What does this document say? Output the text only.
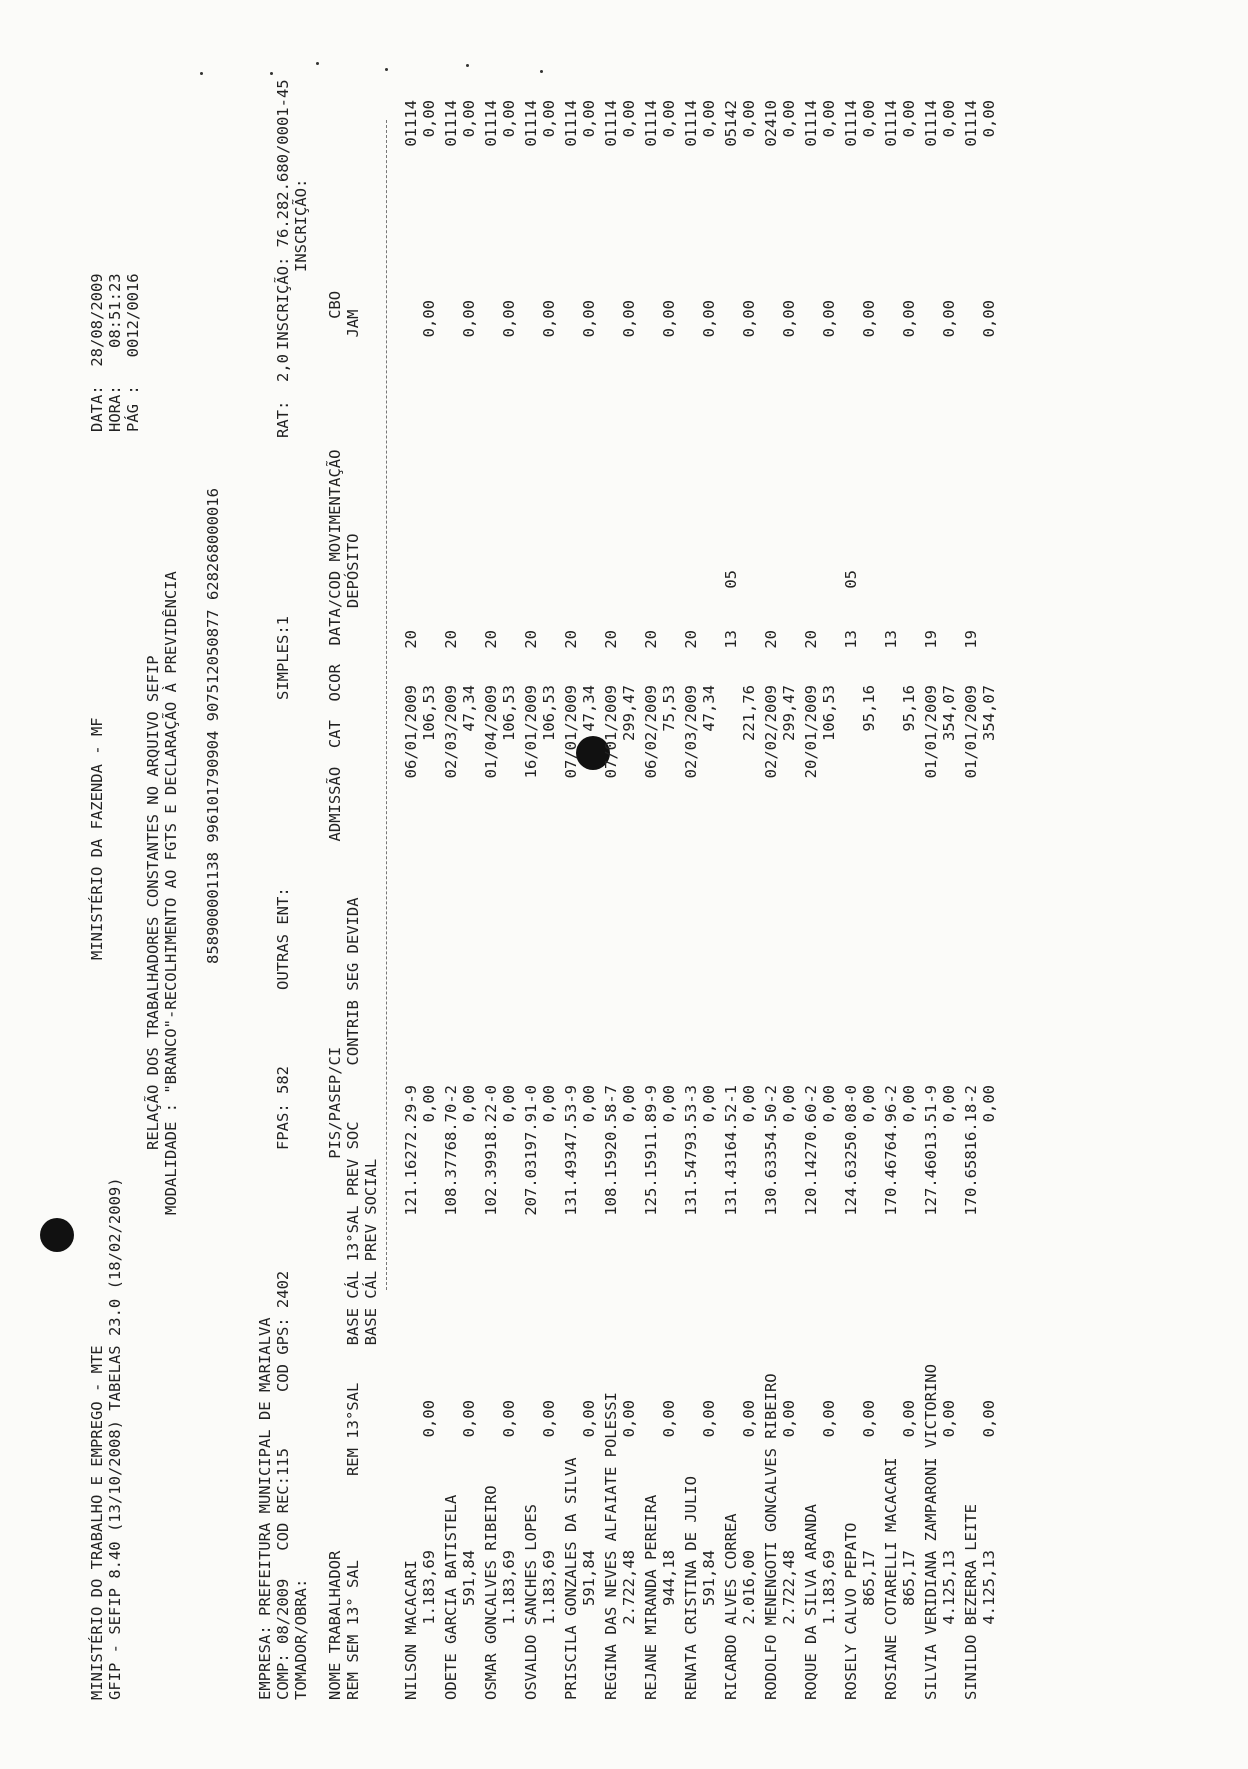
MINISTÉRIO DO TRABALHO E EMPREGO - MTE GFIP - SEFIP 8.40 (13/10/2008) TABELAS 23.0 (18/02/2009)
MINISTÉRIO DA FAZENDA - MF
DATA:  28/08/2009 HORA:    08:51:23 PÁG :   0012/0016
RELAÇÃO DOS TRABALHADORES CONSTANTES NO ARQUIVO SEFIP MODALIDADE : "BRANCO"-RECOLHIMENTO AO FGTS E DECLARAÇÃO À PREVIDÊNCIA 85890000113​8 99610179090​4 90751205087​7 62826800001​6
EMPRESA: PREFEITURA MUNICIPAL DE MARIALVA COMP: 08/2009   COD REC:115      COD GPS: 2402
FPAS: 582
OUTRAS ENT:
SIMPLES:1
RAT:  2,0
INSCRIÇÃO: 76.282.680/0001-45
TOMADOR/OBRA:
INSCRIÇÃO:
NOME TRABALHADOR                                          PIS/PASEP/CI                      ADMISSÃO  CAT  OCOR  DATA/COD MOVIMENTAÇÃO              CBO REM SEM 13° SAL         REM 13°SAL    BASE CÁL 13°SAL PREV SOC      CONTRIB SEG DEVIDA                               DEPÓSITO                     JAM BASE CÁL PREV SOCIAL NILSON MACACARI 1.183,69
0,00
121.16272.29-9 0,00
06/01/2009 106,53
20
0,00
01114 0,00
ODETE GARCIA BATISTELA 591,84
0,00
108.37768.70-2 0,00
02/03/2009 47,34
20
0,00
01114 0,00
OSMAR GONCALVES RIBEIRO 1.183,69
0,00
102.39918.22-0 0,00
01/04/2009 106,53
20
0,00
01114 0,00
OSVALDO SANCHES LOPES 1.183,69
0,00
207.03197.91-0 0,00
16/01/2009 106,53
20
0,00
01114 0,00
PRISCILA GONZALES DA SILVA 591,84
0,00
131.49347.53-9 0,00
07/01/2009 47,34
20
0,00
01114 0,00
REGINA DAS NEVES ALFAIATE POLESSI 2.722,48
0,00
108.15920.58-7 0,00
07/01/2009 299,47
20
0,00
01114 0,00
REJANE MIRANDA PEREIRA 944,18
0,00
125.15911.89-9 0,00
06/02/2009 75,53
20
0,00
01114 0,00
RENATA CRISTINA DE JULIO 591,84
0,00
131.54793.53-3 0,00
02/03/2009 47,34
20
0,00
01114 0,00
RICARDO ALVES CORREA 2.016,00
0,00
131.43164.52-1 0,00
221,76
13
05
0,00
05142 0,00
RODOLFO MENENGOTI GONCALVES RIBEIRO 2.722,48
0,00
130.63354.50-2 0,00
02/02/2009 299,47
20
0,00
02410 0,00
ROQUE DA SILVA ARANDA 1.183,69
0,00
120.14270.60-2 0,00
20/01/2009 106,53
20
0,00
01114 0,00
ROSELY CALVO PEPATO 865,17
0,00
124.63250.08-0 0,00
95,16
13
05
0,00
01114 0,00
ROSIANE COTARELLI MACACARI 865,17
0,00
170.46764.96-2 0,00
95,16
13
0,00
01114 0,00
SILVIA VERIDIANA ZAMPARONI VICTORINO 4.125,13
0,00
127.46013.51-9 0,00
01/01/2009 354,07
19
0,00
01114 0,00
SINILDO BEZERRA LEITE 4.125,13
0,00
170.65816.18-2 0,00
01/01/2009 354,07
19
0,00
01114 0,00
